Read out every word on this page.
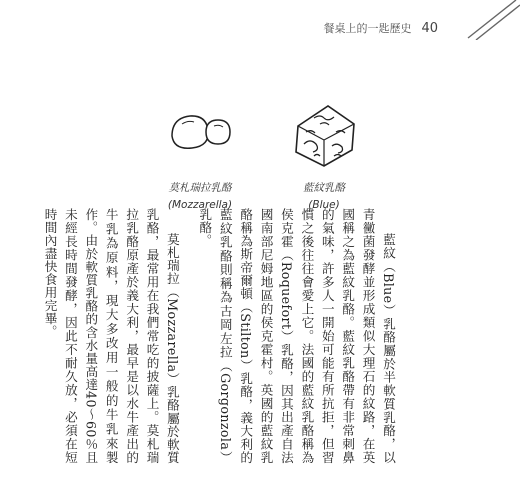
餐桌上的一匙歷史 40
藍紋乳酪
(Blue)
莫札瑞拉乳酪
(Mozzarella)

藍紋（Blue）乳酪屬於半軟質乳酪，以青黴菌發酵並形成類似大理石的紋路，在英國稱之為藍紋乳酪。藍紋乳酪帶有非常刺鼻的氣味，許多人一開始可能有所抗拒，但習慣之後往往會愛上它。法國的藍紋乳酪稱為侯克霍（Roquefort）乳酪，因其出產自法國南部尼姆地區的侯克霍村。英國的藍紋乳酪稱為斯帝爾頓（Stilton）乳酪，義大利的藍紋乳酪則稱為古岡左拉（Gorgonzola）乳酪。

莫札瑞拉（Mozzarella）乳酪屬於軟質乳酪，最常用在我們常吃的披薩上。莫札瑞拉乳酪原產於義大利，最早是以水牛產出的牛乳為原料，現大多改用一般的牛乳來製作。由於軟質乳酪的含水量高達40～60％且未經長時間發酵，因此不耐久放，必須在短時間內盡快食用完畢。
